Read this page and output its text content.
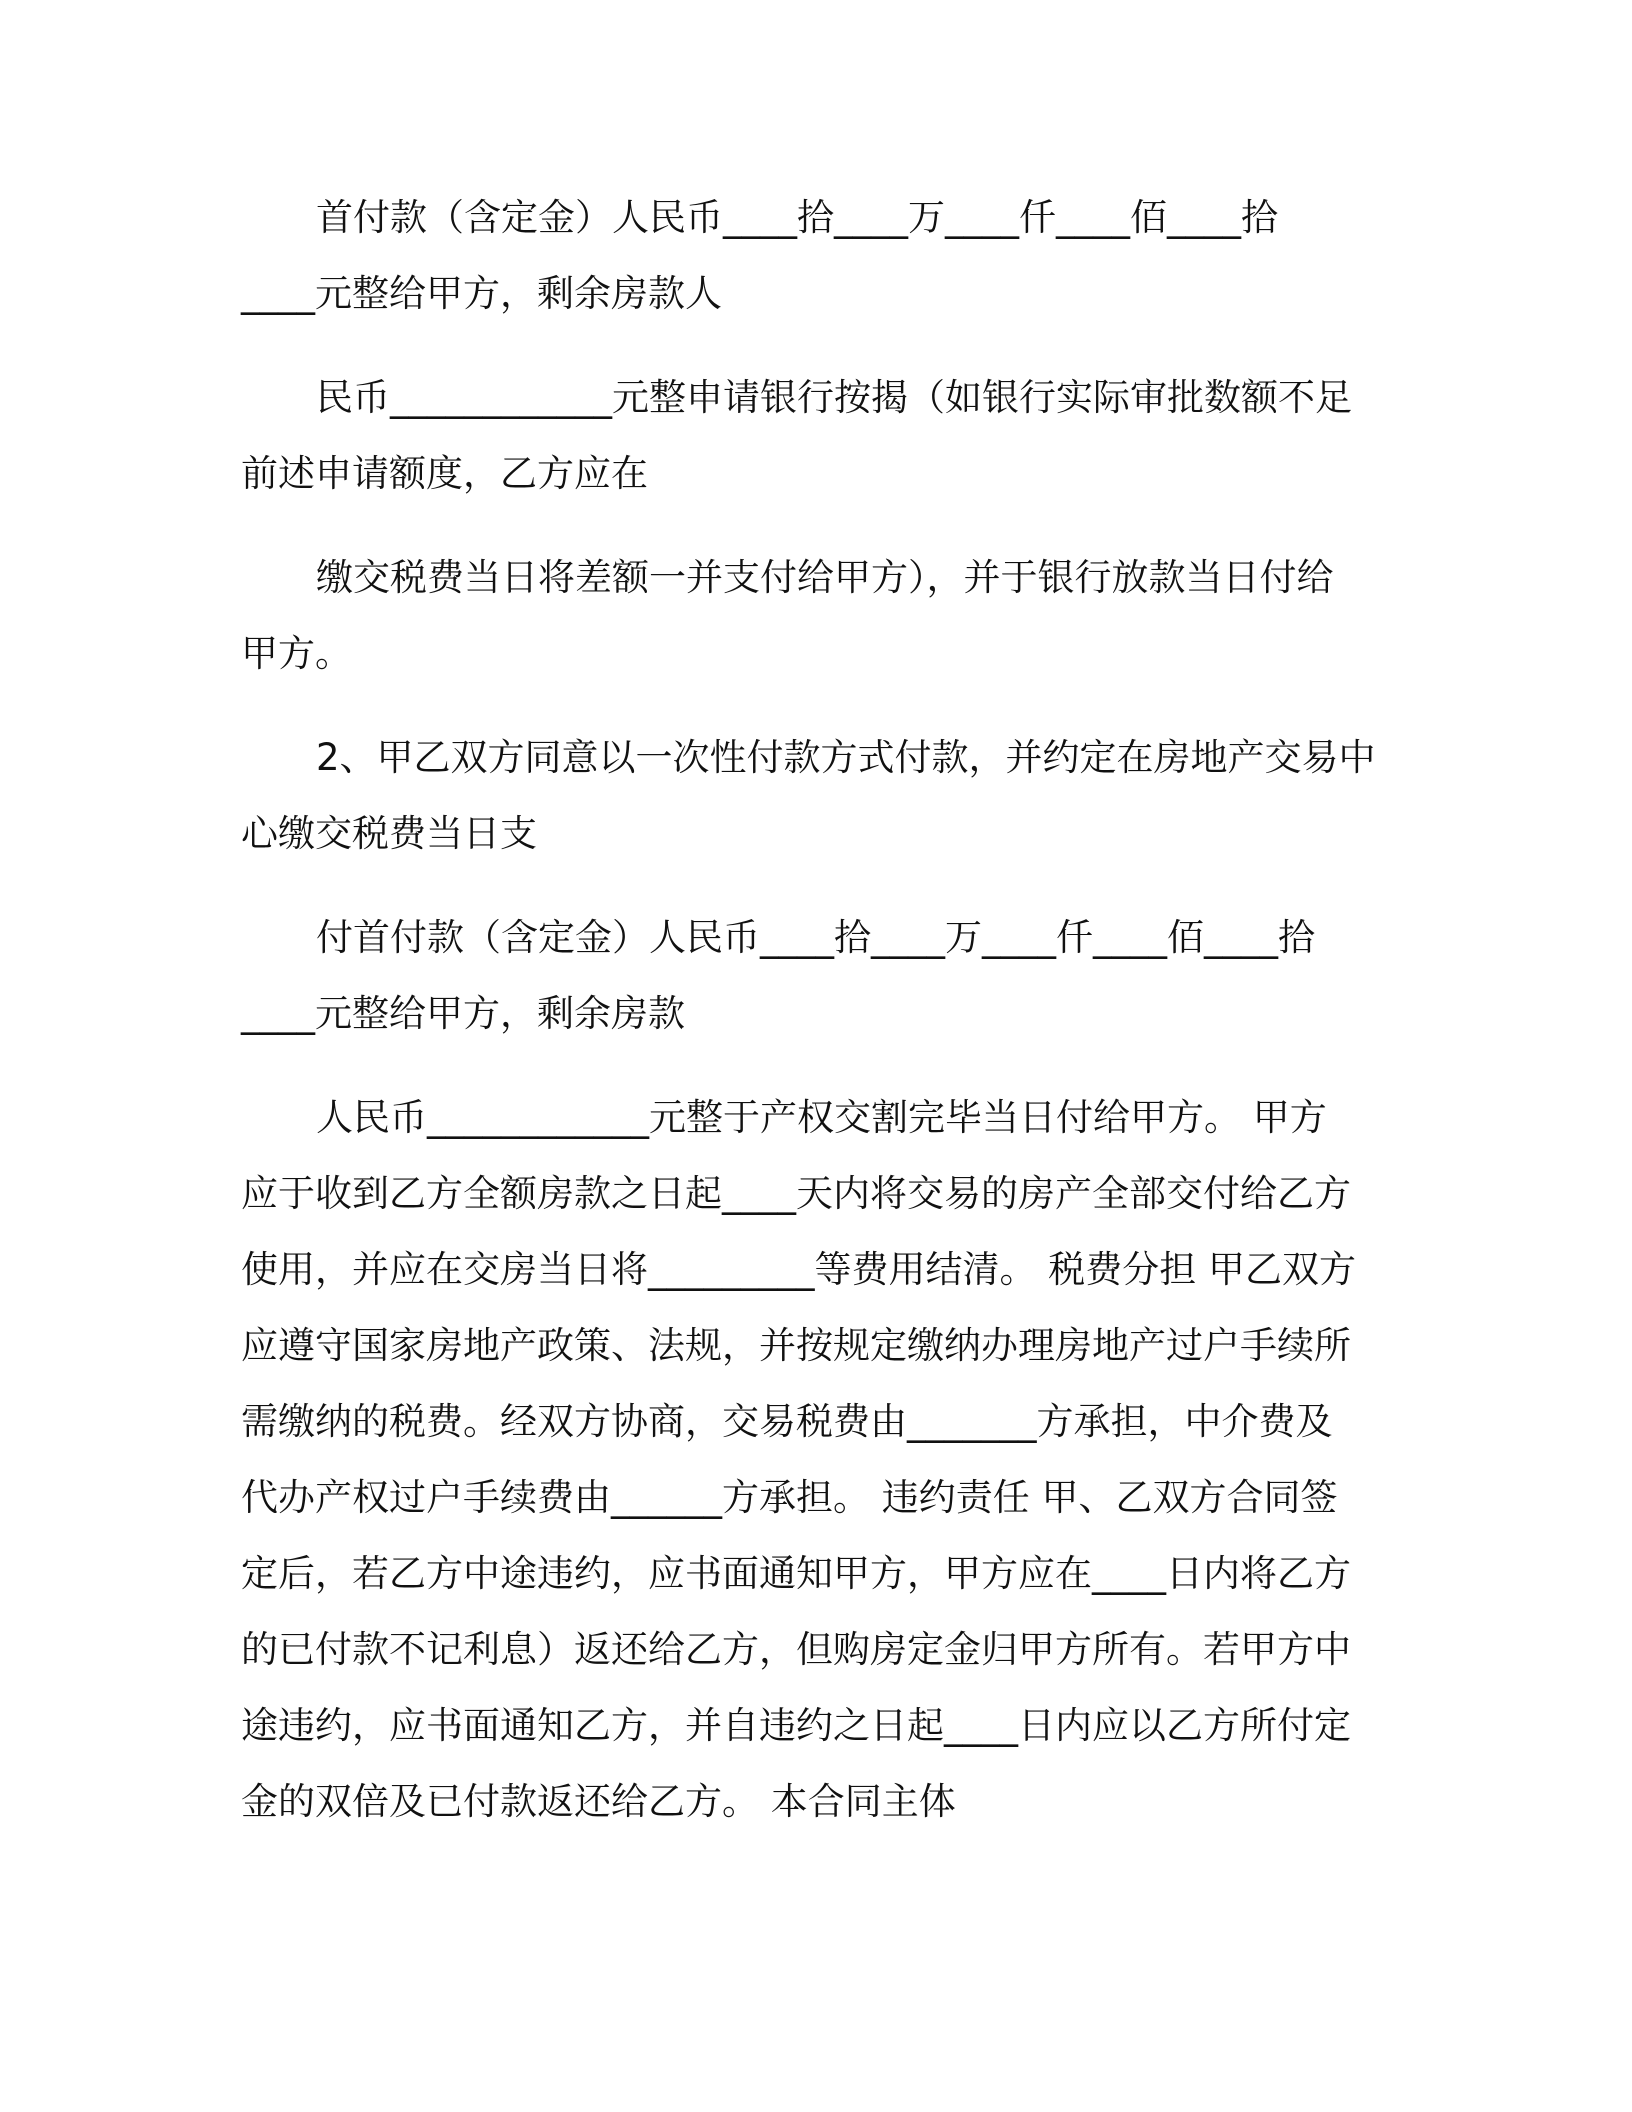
首付款（含定金）人民币____拾____万____仟____佰____拾

____元整给甲方，剩余房款人

民币____________元整申请银行按揭（如银行实际审批数额不足

前述申请额度，乙方应在

缴交税费当日将差额一并支付给甲方），并于银行放款当日付给

甲方。

2、甲乙双方同意以一次性付款方式付款，并约定在房地产交易中

心缴交税费当日支

付首付款（含定金）人民币____拾____万____仟____佰____拾

____元整给甲方，剩余房款

人民币____________元整于产权交割完毕当日付给甲方。 甲方

应于收到乙方全额房款之日起____天内将交易的房产全部交付给乙方

使用，并应在交房当日将_________等费用结清。 税费分担 甲乙双方

应遵守国家房地产政策、法规，并按规定缴纳办理房地产过户手续所

需缴纳的税费。经双方协商，交易税费由_______方承担，中介费及

代办产权过户手续费由______方承担。 违约责任 甲、乙双方合同签

定后，若乙方中途违约，应书面通知甲方，甲方应在____日内将乙方

的已付款不记利息）返还给乙方，但购房定金归甲方所有。若甲方中

途违约，应书面通知乙方，并自违约之日起____日内应以乙方所付定

金的双倍及已付款返还给乙方。 本合同主体
